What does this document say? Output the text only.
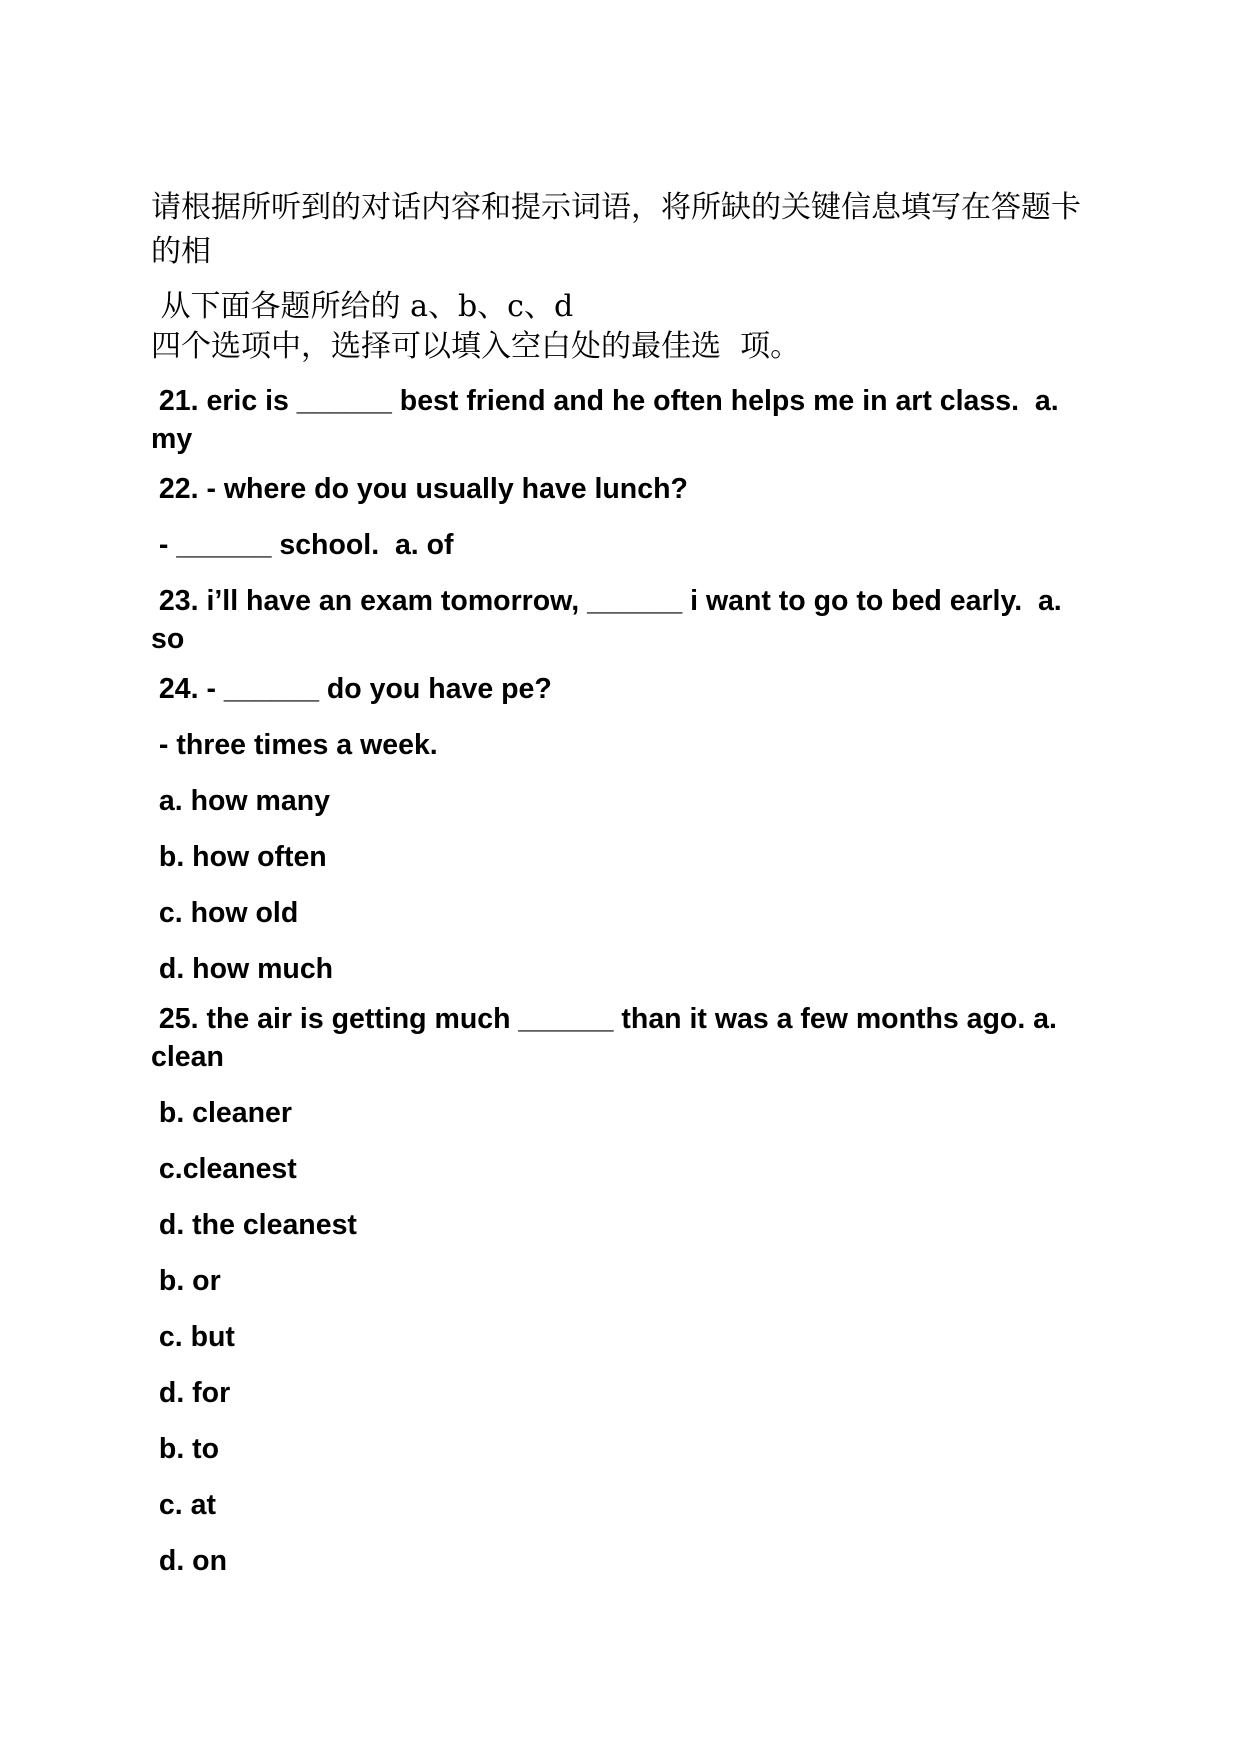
请根据所听到的对话内容和提示词语，将所缺的关键信息填写在答题卡的相

从下面各题所给的 a、b、c、d

四个选项中，选择可以填入空白处的最佳选  项。

21. eric is ______ best friend and he often helps me in art class.  a. my

22. - where do you usually have lunch?

- ______ school.  a. of

23. i’ll have an exam tomorrow, ______ i want to go to bed early.  a. so

24. - ______ do you have pe?

- three times a week.

a. how many

b. how often

c. how old

d. how much

25. the air is getting much ______ than it was a few months ago. a. clean

b. cleaner

c.cleanest

d. the cleanest

b. or

c. but

d. for

b. to

c. at

d. on
